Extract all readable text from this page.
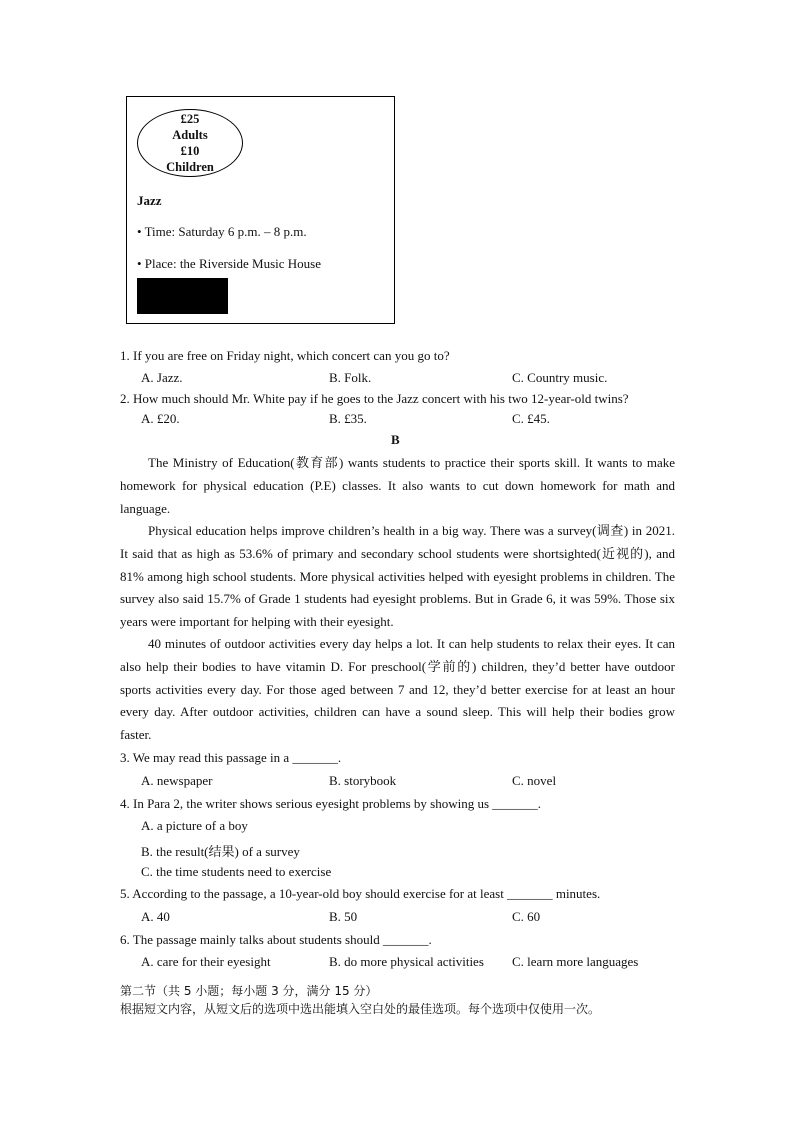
£25
Adults
£10
Children
Jazz
• Time: Saturday 6 p.m. – 8 p.m.
• Place: the Riverside Music House
1. If you are free on Friday night, which concert can you go to?
A. Jazz.	B. Folk.	C. Country music.
2. How much should Mr. White pay if he goes to the Jazz concert with his two 12-year-old twins?
A. £20.	B. £35.	C. £45.
B
The Ministry of Education(教育部) wants students to practice their sports skill. It wants to make homework for physical education (P.E) classes. It also wants to cut down homework for math and language.
Physical education helps improve children’s health in a big way. There was a survey(调查) in 2021. It said that as high as 53.6% of primary and secondary school students were shortsighted(近视的), and 81% among high school students. More physical activities helped with eyesight problems in children. The survey also said 15.7% of Grade 1 students had eyesight problems. But in Grade 6, it was 59%. Those six years were important for helping with their eyesight.
40 minutes of outdoor activities every day helps a lot. It can help students to relax their eyes. It can also help their bodies to have vitamin D. For preschool(学前的) children, they’d better have outdoor sports activities every day. For those aged between 7 and 12, they’d better exercise for at least an hour every day. After outdoor activities, children can have a sound sleep. This will help their bodies grow faster.
3. We may read this passage in a _______.
A. newspaper	B. storybook	C. novel
4. In Para 2, the writer shows serious eyesight problems by showing us _______.
A. a picture of a boy
B. the result(结果) of a survey
C. the time students need to exercise
5. According to the passage, a 10-year-old boy should exercise for at least _______ minutes.
A. 40	B. 50	C. 60
6. The passage mainly talks about students should _______.
A. care for their eyesight	B. do more physical activities C. learn more languages
第二节（共 5 小题；每小题 3 分，满分 15 分）
根据短文内容，从短文后的选项中选出能填入空白处的最佳选项。每个选项中仅使用一次。
